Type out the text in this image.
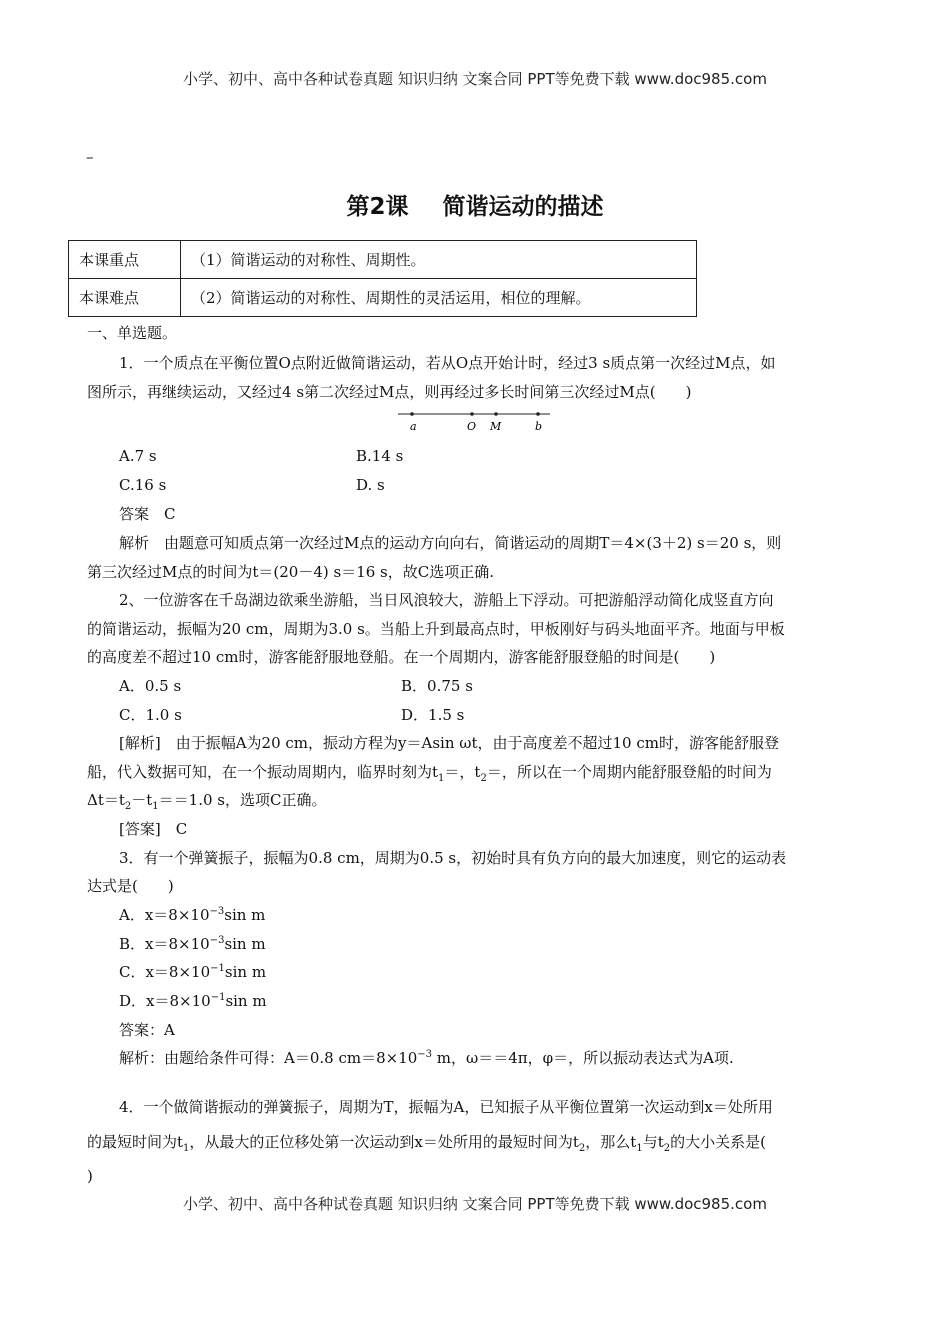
小学、初中、高中各种试卷真题 知识归纳 文案合同 PPT等免费下载 www.doc985.com
–
第2课 简谐运动的描述
本课重点	（1）简谐运动的对称性、周期性。
本课难点	（2）简谐运动的对称性、周期性的灵活运用，相位的理解。
一、单选题。
1．一个质点在平衡位置O点附近做简谐运动，若从O点开始计时，经过3 s质点第一次经过M点，如
图所示，再继续运动，又经过4 s第二次经过M点，则再经过多长时间第三次经过M点(　　)
a	O M	b
A.7 s	B.14 s
C.16 s	D. s
答案　C
解析　由题意可知质点第一次经过M点的运动方向向右，简谐运动的周期T＝4×(3＋2) s＝20 s，则
第三次经过M点的时间为t＝(20－4) s＝16 s，故C选项正确.
2、一位游客在千岛湖边欲乘坐游船，当日风浪较大，游船上下浮动。可把游船浮动简化成竖直方向
的简谐运动，振幅为20 cm，周期为3.0 s。当船上升到最高点时，甲板刚好与码头地面平齐。地面与甲板
的高度差不超过10 cm时，游客能舒服地登船。在一个周期内，游客能舒服登船的时间是(　　)
A．0.5 s	B．0.75 s
C．1.0 s	D．1.5 s
[解析]　由于振幅A为20 cm，振动方程为y＝Asin ωt，由于高度差不超过10 cm时，游客能舒服登
船，代入数据可知，在一个振动周期内，临界时刻为$t_1=$，$t_2=$，所以在一个周期内能舒服登船的时间为
$\Delta t=t_2-t_1==1.0$ s，选项C正确。
[答案]　C
3．有一个弹簧振子，振幅为0.8 cm，周期为0.5 s，初始时具有负方向的最大加速度，则它的运动表
达式是(　　)
A．$x=8\times 10^{-3}\sin$ m
B．$x=8\times 10^{-3}\sin$ m
C．$x=8\times 10^{-1}\sin$ m
D．$x=8\times 10^{-1}\sin$ m
答案：A
解析：由题给条件可得：A＝0.8 $cm=8\times 10^{-3}$ m，ω＝＝4π，φ＝，所以振动表达式为A项.
4．一个做简谐振动的弹簧振子，周期为T，振幅为A，已知振子从平衡位置第一次运动到x＝处所用
的最短时间为$t_1$，从最大的正位移处第一次运动到x＝处所用的最短时间为$t_2$，那么$t_1$与$t_2$的大小关系是(
)
小学、初中、高中各种试卷真题 知识归纳 文案合同 PPT等免费下载 www.doc985.com
